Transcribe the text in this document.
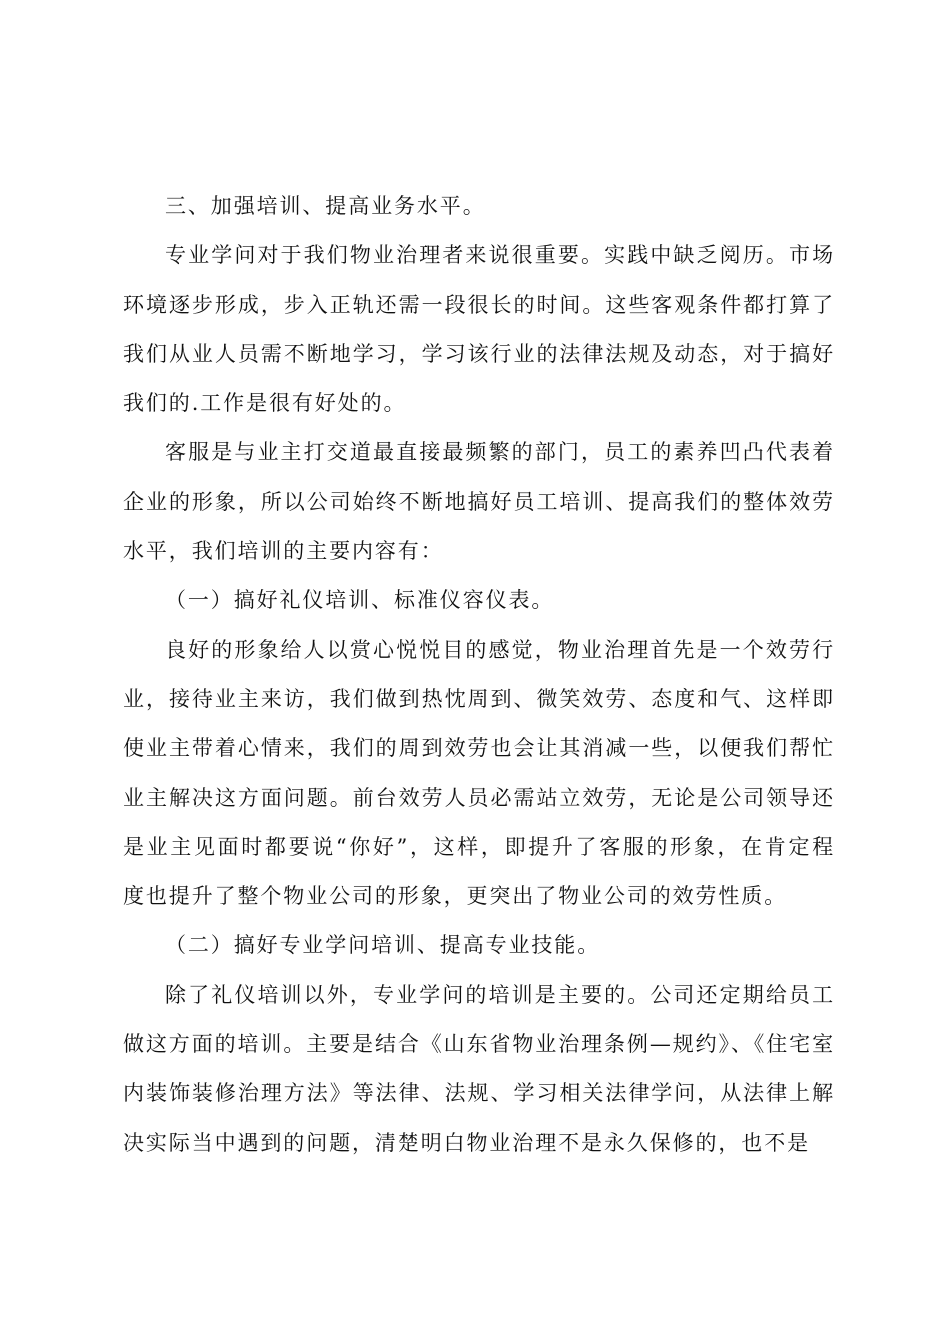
三、加强培训、提高业务水平。

专业学问对于我们物业治理者来说很重要。实践中缺乏阅历。市场环境逐步形成，步入正轨还需一段很长的时间。这些客观条件都打算了我们从业人员需不断地学习，学习该行业的法律法规及动态，对于搞好我们的.工作是很有好处的。

客服是与业主打交道最直接最频繁的部门，员工的素养凹凸代表着企业的形象，所以公司始终不断地搞好员工培训、提高我们的整体效劳水平，我们培训的主要内容有：

（一）搞好礼仪培训、标准仪容仪表。

良好的形象给人以赏心悦悦目的感觉，物业治理首先是一个效劳行业，接待业主来访，我们做到热忱周到、微笑效劳、态度和气、这样即使业主带着心情来，我们的周到效劳也会让其消减一些，以便我们帮忙业主解决这方面问题。前台效劳人员必需站立效劳，无论是公司领导还是业主见面时都要说“你好”，这样，即提升了客服的形象，在肯定程度也提升了整个物业公司的形象，更突出了物业公司的效劳性质。

（二）搞好专业学问培训、提高专业技能。

除了礼仪培训以外，专业学问的培训是主要的。公司还定期给员工做这方面的培训。主要是结合《山东省物业治理条例—规约》、《住宅室内装饰装修治理方法》等法律、法规、学习相关法律学问，从法律上解决实际当中遇到的问题，清楚明白物业治理不是永久保修的，也不是
